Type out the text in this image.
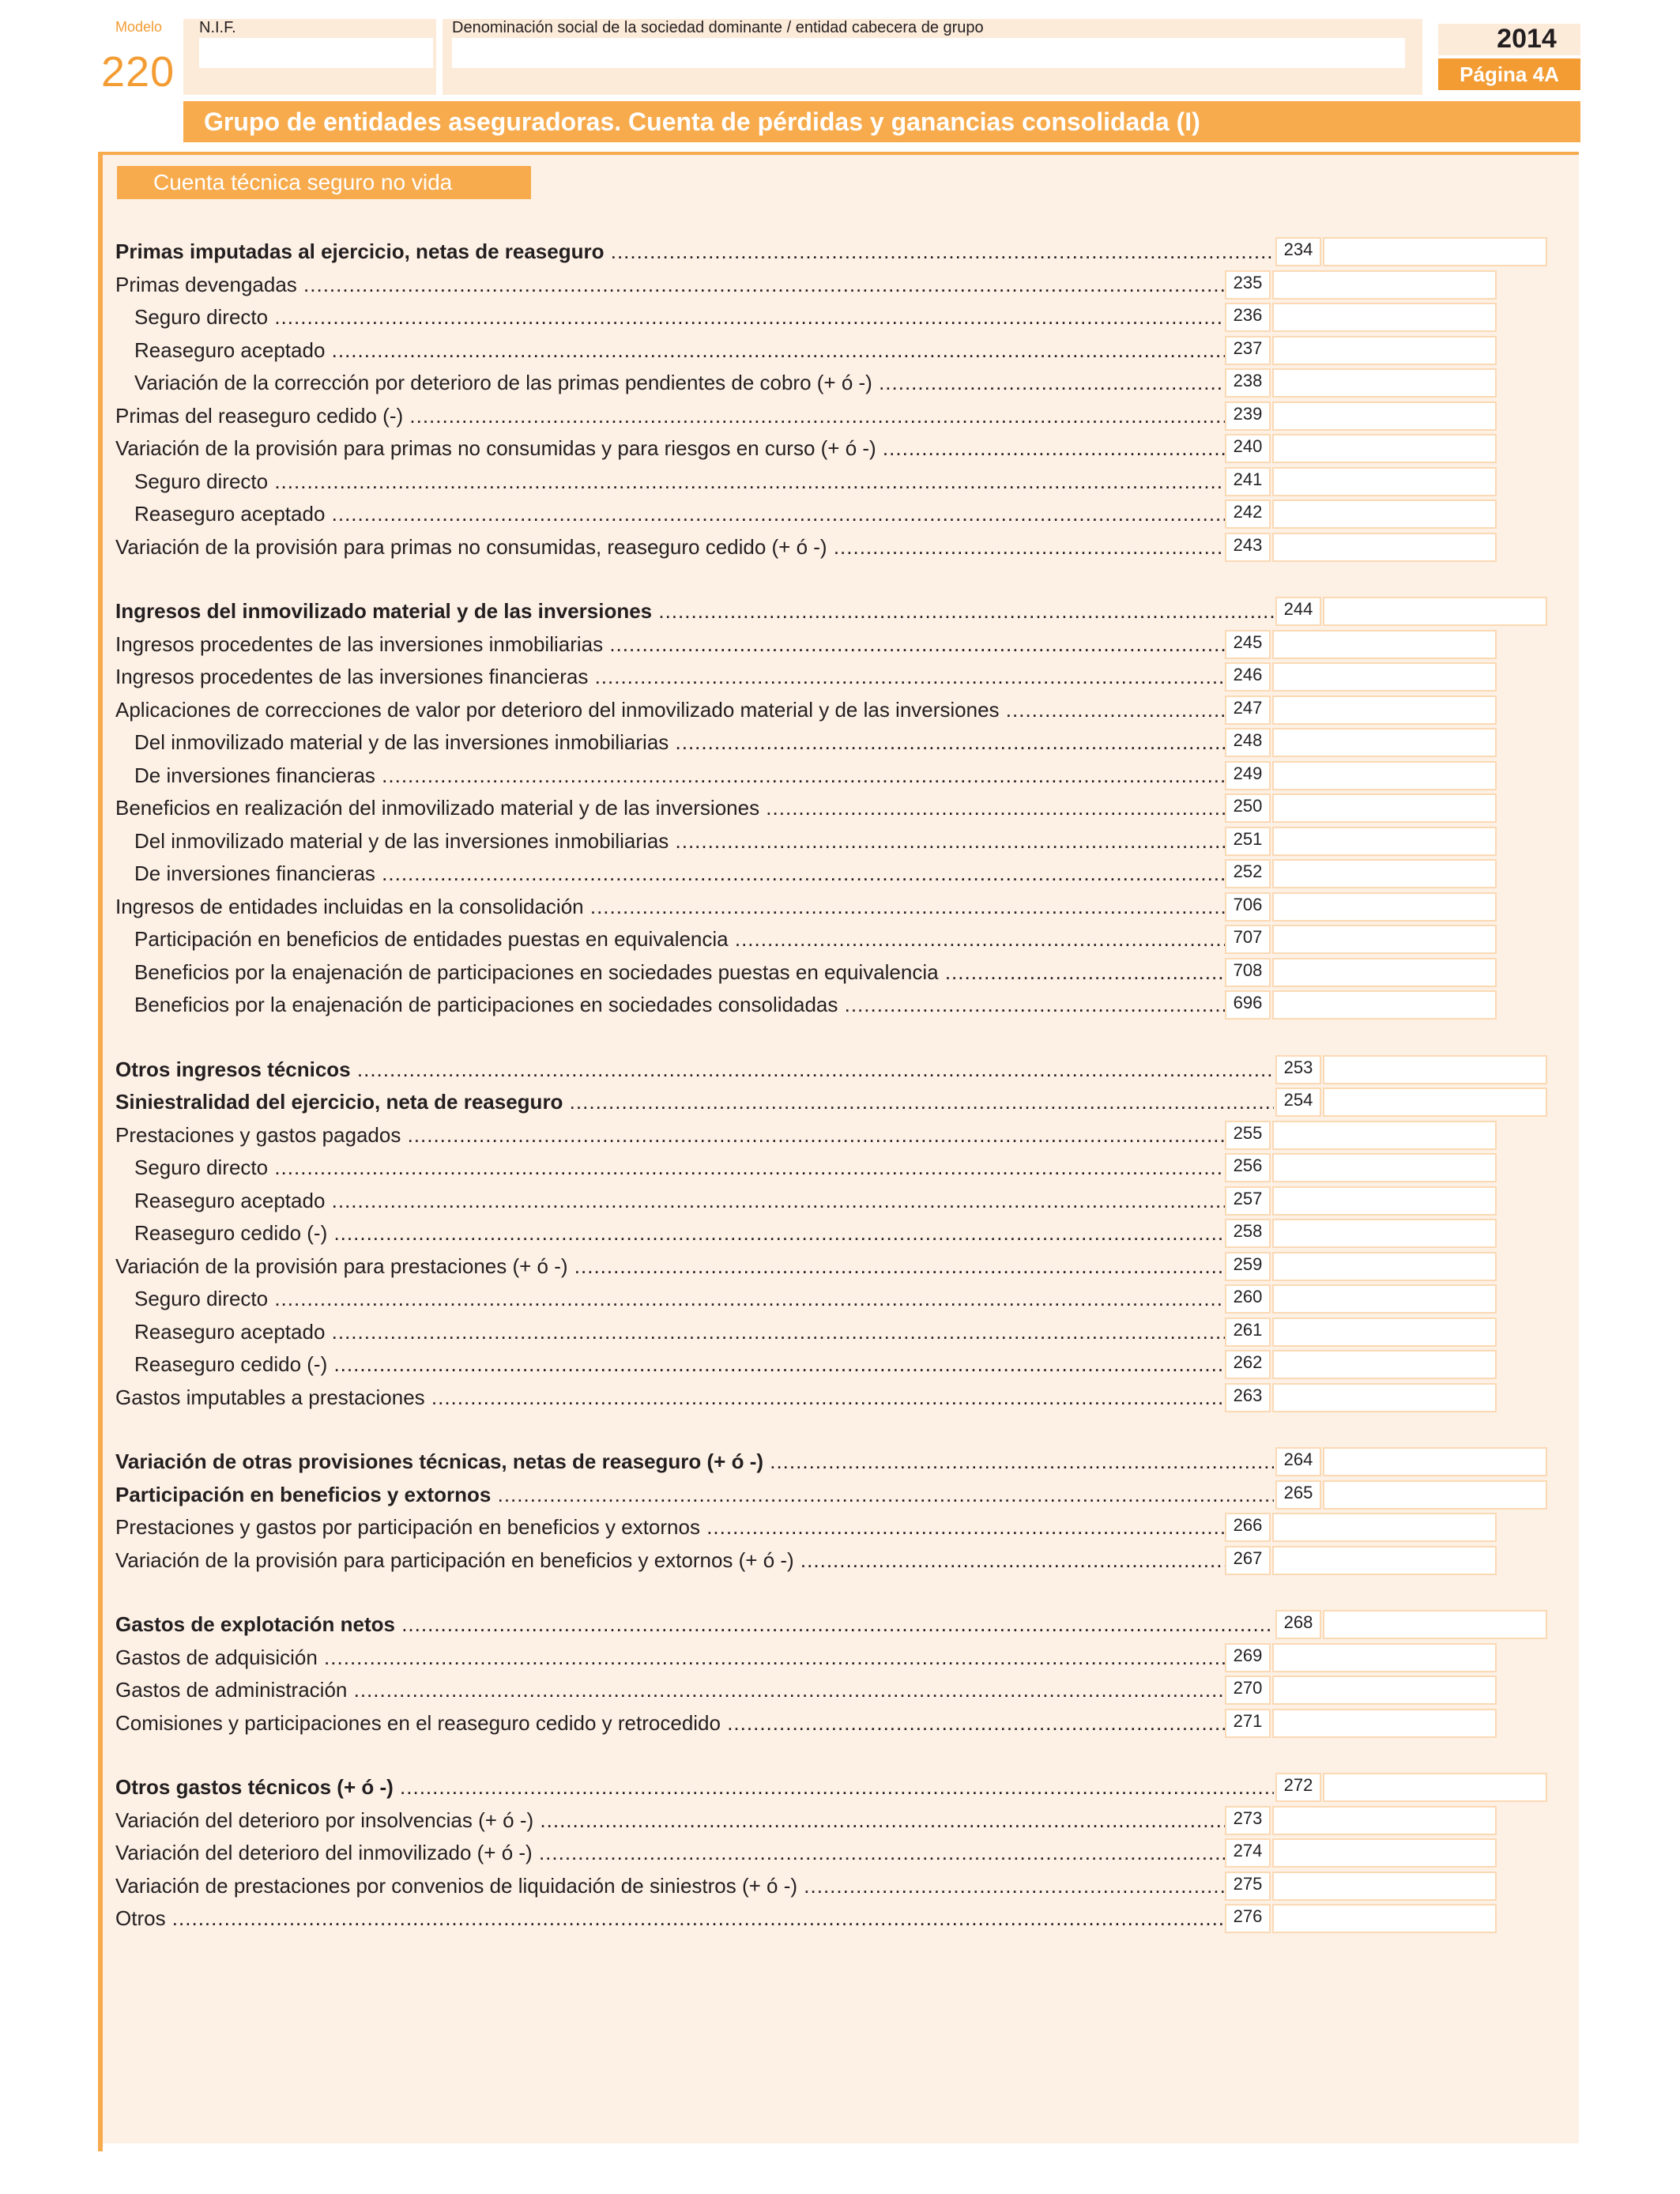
Modelo
220
N.I.F.	Denominación social de la sociedad dominante / entidad cabecera de grupo	2014
Página 4A
Grupo de entidades aseguradoras. Cuenta de pérdidas y ganancias consolidada (I)
Cuenta técnica seguro no vida
Primas imputadas al ejercicio, netas de reaseguro .....	234
Primas devengadas .....	235
Seguro directo .....	236
Reaseguro aceptado .....	237
Variación de la corrección por deterioro de las primas pendientes de cobro (+ ó -) .....	238
Primas del reaseguro cedido (-) .....	239
Variación de la provisión para primas no consumidas y para riesgos en curso (+ ó -) .....	240
Seguro directo .....	241
Reaseguro aceptado .....	242
Variación de la provisión para primas no consumidas, reaseguro cedido (+ ó -) .....	243
Ingresos del inmovilizado material y de las inversiones .....	244
Ingresos procedentes de las inversiones inmobiliarias .....	245
Ingresos procedentes de las inversiones financieras .....	246
Aplicaciones de correcciones de valor por deterioro del inmovilizado material y de las inversiones .....	247
Del inmovilizado material y de las inversiones inmobiliarias .....	248
De inversiones financieras .....	249
Beneficios en realización del inmovilizado material y de las inversiones .....	250
Del inmovilizado material y de las inversiones inmobiliarias .....	251
De inversiones financieras .....	252
Ingresos de entidades incluidas en la consolidación .....	706
Participación en beneficios de entidades puestas en equivalencia .....	707
Beneficios por la enajenación de participaciones en sociedades puestas en equivalencia .....	708
Beneficios por la enajenación de participaciones en sociedades consolidadas .....	696
Otros ingresos técnicos .....	253
Siniestralidad del ejercicio, neta de reaseguro .....	254
Prestaciones y gastos pagados .....	255
Seguro directo .....	256
Reaseguro aceptado .....	257
Reaseguro cedido (-) .....	258
Variación de la provisión para prestaciones (+ ó -) .....	259
Seguro directo .....	260
Reaseguro aceptado .....	261
Reaseguro cedido (-) .....	262
Gastos imputables a prestaciones .....	263
Variación de otras provisiones técnicas, netas de reaseguro (+ ó -) .....	264
Participación en beneficios y extornos .....	265
Prestaciones y gastos por participación en beneficios y extornos .....	266
Variación de la provisión para participación en beneficios y extornos (+ ó -) .....	267
Gastos de explotación netos .....	268
Gastos de adquisición .....	269
Gastos de administración .....	270
Comisiones y participaciones en el reaseguro cedido y retrocedido .....	271
Otros gastos técnicos (+ ó -) .....	272
Variación del deterioro por insolvencias (+ ó -) .....	273
Variación del deterioro del inmovilizado (+ ó -) .....	274
Variación de prestaciones por convenios de liquidación de siniestros (+ ó -) .....	275
Otros .....	276
